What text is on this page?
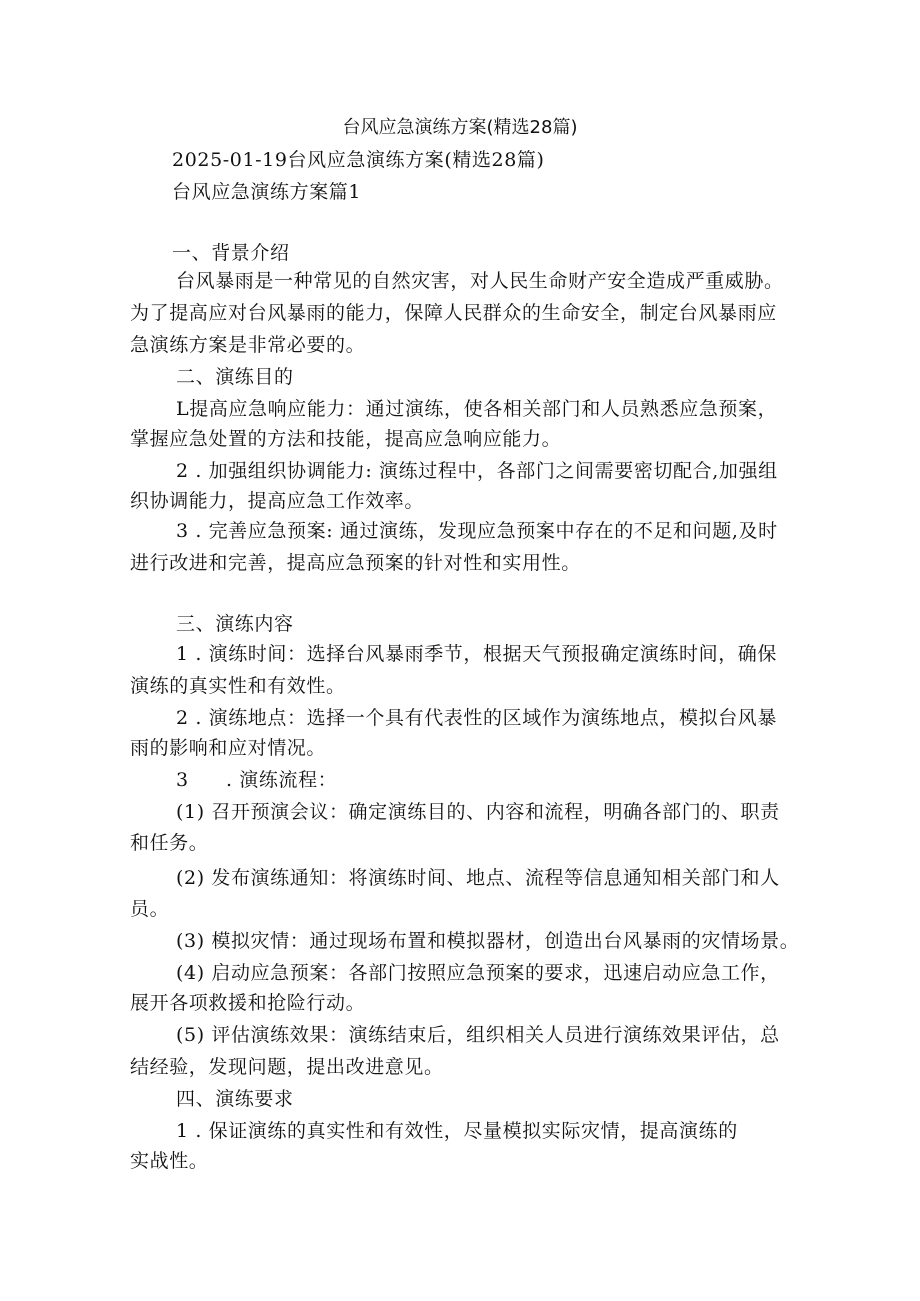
台风应急演练方案(精选28篇)

2025-01-19台风应急演练方案(精选28篇)

台风应急演练方案篇1

一、背景介绍

台风暴雨是一种常见的自然灾害，对人民生命财产安全造成严重威胁。

为了提高应对台风暴雨的能力，保障人民群众的生命安全，制定台风暴雨应

急演练方案是非常必要的。

二、演练目的

L提高应急响应能力：通过演练，使各相关部门和人员熟悉应急预案，

掌握应急处置的方法和技能，提高应急响应能力。

2 . 加强组织协调能力: 演练过程中，各部门之间需要密切配合,加强组

织协调能力，提高应急工作效率。

3 . 完善应急预案: 通过演练，发现应急预案中存在的不足和问题,及时

进行改进和完善，提高应急预案的针对性和实用性。

三、演练内容

1 . 演练时间：选择台风暴雨季节，根据天气预报确定演练时间，确保

演练的真实性和有效性。

2 . 演练地点：选择一个具有代表性的区域作为演练地点，模拟台风暴

雨的影响和应对情况。

3 . 演练流程：

(1) 召开预演会议：确定演练目的、内容和流程，明确各部门的、职责

和任务。

(2) 发布演练通知：将演练时间、地点、流程等信息通知相关部门和人

员。

(3) 模拟灾情：通过现场布置和模拟器材，创造出台风暴雨的灾情场景。

(4) 启动应急预案：各部门按照应急预案的要求，迅速启动应急工作，

展开各项救援和抢险行动。

(5) 评估演练效果：演练结束后，组织相关人员进行演练效果评估，总

结经验，发现问题，提出改进意见。

四、演练要求

1 . 保证演练的真实性和有效性，尽量模拟实际灾情，提高演练的

实战性。
